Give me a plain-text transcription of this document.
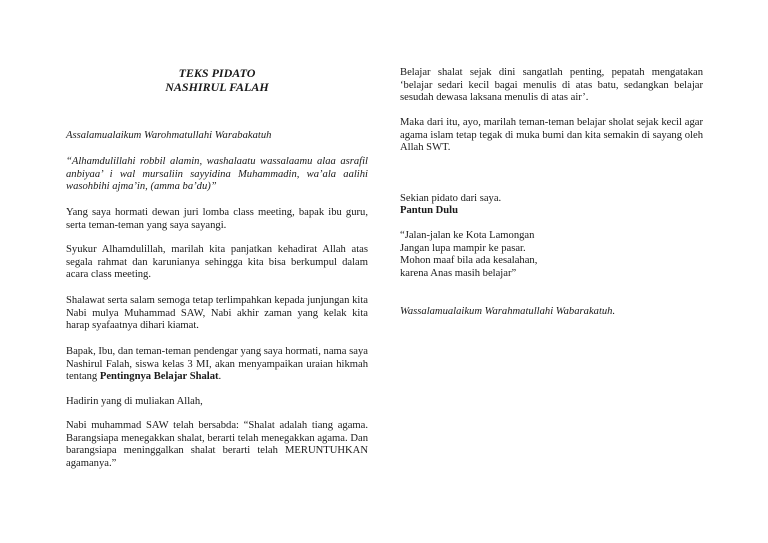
TEKS PIDATO
NASHIRUL FALAH

Assalamualaikum Warohmatullahi Warabakatuh

“Alhamdulillahi robbil alamin, washalaatu wassalaamu alaa asrafil anbiyaa’ i wal mursaliin sayyidina Muhammadin, wa’ala aalihi wasohbihi ajma’in, (amma ba’du)”

Yang saya hormati dewan juri lomba class meeting, bapak ibu guru, serta teman-teman yang saya sayangi.

Syukur Alhamdulillah, marilah kita panjatkan kehadirat Allah atas segala rahmat dan karunianya sehingga kita bisa berkumpul dalam acara class meeting.

Shalawat serta salam semoga tetap terlimpahkan kepada junjungan kita Nabi mulya Muhammad SAW, Nabi akhir zaman yang kelak kita harap syafaatnya dihari kiamat.

Bapak, Ibu, dan teman-teman pendengar yang saya hormati, nama saya Nashirul Falah, siswa kelas 3 MI, akan menyampaikan uraian hikmah tentang Pentingnya Belajar Shalat.

Hadirin yang di muliakan Allah,

Nabi muhammad SAW telah bersabda: “Shalat adalah tiang agama. Barangsiapa menegakkan shalat, berarti telah menegakkan agama. Dan barangsiapa meninggalkan shalat berarti telah MERUNTUHKAN agamanya.”

Belajar shalat sejak dini sangatlah penting, pepatah mengatakan ‘belajar sedari kecil bagai menulis di atas batu, sedangkan belajar sesudah dewasa laksana menulis di atas air’.

Maka dari itu, ayo, marilah teman-teman belajar sholat sejak kecil agar agama islam tetap tegak di muka bumi dan kita semakin di sayang oleh Allah SWT.

Sekian pidato dari saya.

Pantun Dulu

“Jalan-jalan ke Kota Lamongan

Jangan lupa mampir ke pasar.

Mohon maaf bila ada kesalahan,

karena Anas masih belajar”

Wassalamualaikum Warahmatullahi Wabarakatuh.
